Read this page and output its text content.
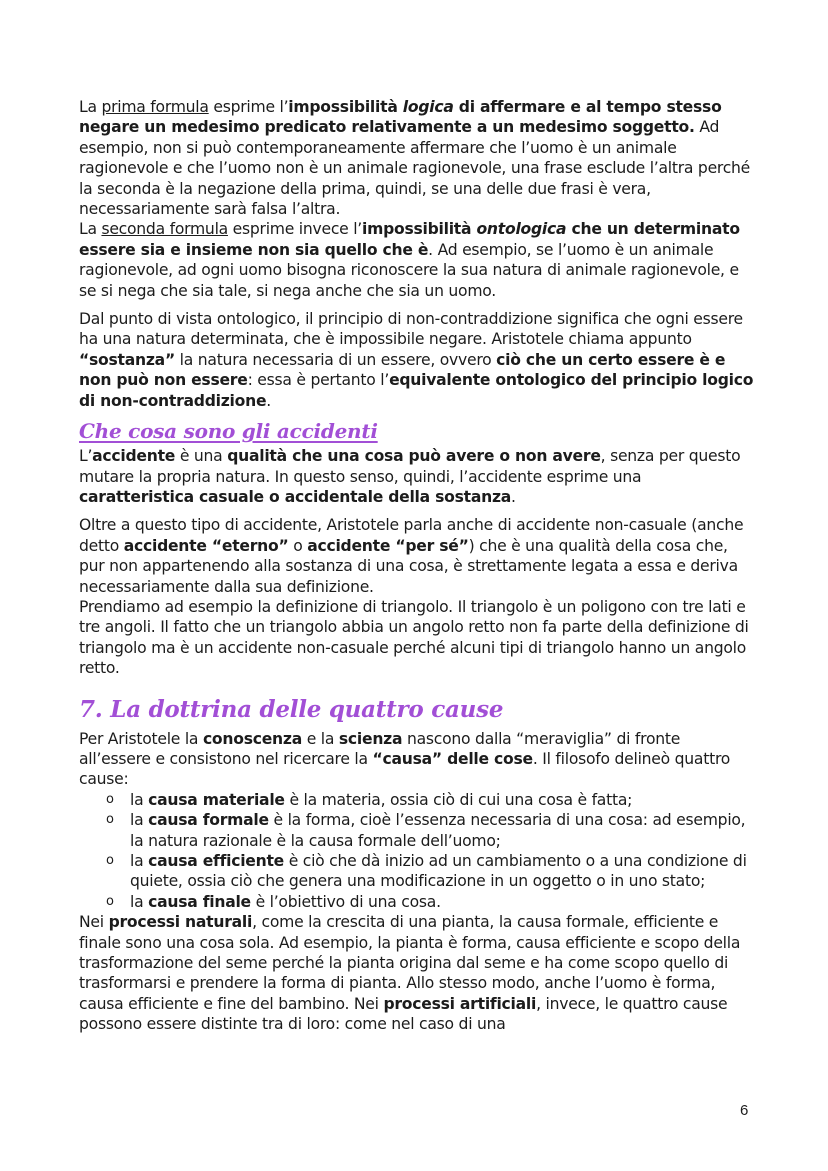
La prima formula esprime l’impossibilità logica di affermare e al tempo stesso negare un medesimo predicato relativamente a un medesimo soggetto. Ad esempio, non si può contemporaneamente affermare che l’uomo è un animale ragionevole e che l’uomo non è un animale ragionevole, una frase esclude l’altra perché la seconda è la negazione della prima, quindi, se una delle due frasi è vera, necessariamente sarà falsa l’altra.

La seconda formula esprime invece l’impossibilità ontologica che un determinato essere sia e insieme non sia quello che è. Ad esempio, se l’uomo è un animale ragionevole, ad ogni uomo bisogna riconoscere la sua natura di animale ragionevole, e se si nega che sia tale, si nega anche che sia un uomo.

Dal punto di vista ontologico, il principio di non-contraddizione significa che ogni essere ha una natura determinata, che è impossibile negare. Aristotele chiama appunto “sostanza” la natura necessaria di un essere, ovvero ciò che un certo essere è e non può non essere: essa è pertanto l’equivalente ontologico del principio logico di non-contraddizione.

Che cosa sono gli accidenti

L’accidente è una qualità che una cosa può avere o non avere, senza per questo mutare la propria natura. In questo senso, quindi, l’accidente esprime una caratteristica casuale o accidentale della sostanza.

Oltre a questo tipo di accidente, Aristotele parla anche di accidente non-casuale (anche detto accidente “eterno” o accidente “per sé”) che è una qualità della cosa che, pur non appartenendo alla sostanza di una cosa, è strettamente legata a essa e deriva necessariamente dalla sua definizione.

Prendiamo ad esempio la definizione di triangolo. Il triangolo è un poligono con tre lati e tre angoli. Il fatto che un triangolo abbia un angolo retto non fa parte della definizione di triangolo ma è un accidente non-casuale perché alcuni tipi di triangolo hanno un angolo retto.

7. La dottrina delle quattro cause

Per Aristotele la conoscenza e la scienza nascono dalla “meraviglia” di fronte all’essere e consistono nel ricercare la “causa” delle cose. Il filosofo delineò quattro cause:

o la causa materiale è la materia, ossia ciò di cui una cosa è fatta;
o la causa formale è la forma, cioè l’essenza necessaria di una cosa: ad esempio, la natura razionale è la causa formale dell’uomo;
o la causa efficiente è ciò che dà inizio ad un cambiamento o a una condizione di quiete, ossia ciò che genera una modificazione in un oggetto o in uno stato;
o la causa finale è l’obiettivo di una cosa.

Nei processi naturali, come la crescita di una pianta, la causa formale, efficiente e finale sono una cosa sola. Ad esempio, la pianta è forma, causa efficiente e scopo della trasformazione del seme perché la pianta origina dal seme e ha come scopo quello di trasformarsi e prendere la forma di pianta. Allo stesso modo, anche l’uomo è forma, causa efficiente e fine del bambino. Nei processi artificiali, invece, le quattro cause possono essere distinte tra di loro: come nel caso di una

6
